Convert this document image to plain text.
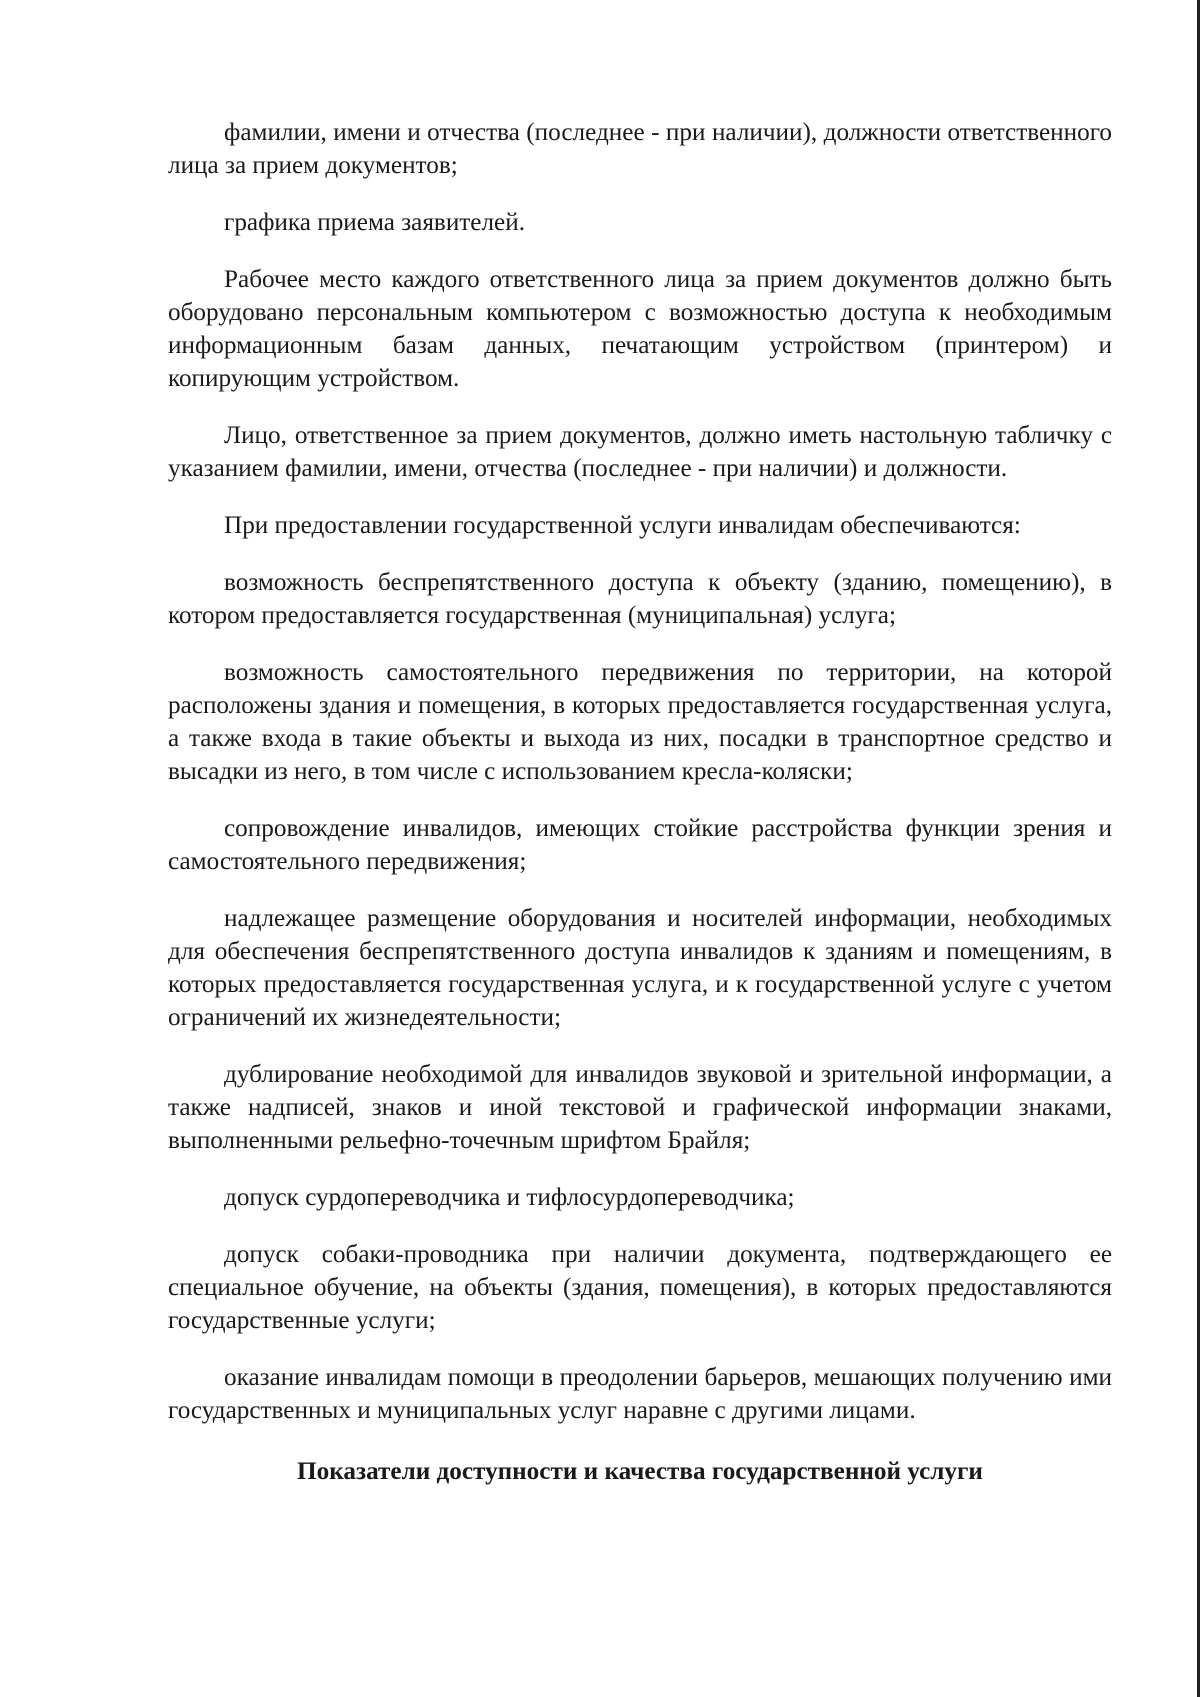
фамилии, имени и отчества (последнее - при наличии), должности ответственного лица за прием документов;

графика приема заявителей.

Рабочее место каждого ответственного лица за прием документов должно быть оборудовано персональным компьютером с возможностью доступа к необходимым информационным базам данных, печатающим устройством (принтером) и копирующим устройством.

Лицо, ответственное за прием документов, должно иметь настольную табличку с указанием фамилии, имени, отчества (последнее - при наличии) и должности.

При предоставлении государственной услуги инвалидам обеспечиваются:

возможность беспрепятственного доступа к объекту (зданию, помещению), в котором предоставляется государственная (муниципальная) услуга;

возможность самостоятельного передвижения по территории, на которой расположены здания и помещения, в которых предоставляется государственная услуга, а также входа в такие объекты и выхода из них, посадки в транспортное средство и высадки из него, в том числе с использованием кресла-коляски;

сопровождение инвалидов, имеющих стойкие расстройства функции зрения и самостоятельного передвижения;

надлежащее размещение оборудования и носителей информации, необходимых для обеспечения беспрепятственного доступа инвалидов к зданиям и помещениям, в которых предоставляется государственная услуга, и к государственной услуге с учетом ограничений их жизнедеятельности;

дублирование необходимой для инвалидов звуковой и зрительной информации, а также надписей, знаков и иной текстовой и графической информации знаками, выполненными рельефно-точечным шрифтом Брайля;

допуск сурдопереводчика и тифлосурдопереводчика;

допуск собаки-проводника при наличии документа, подтверждающего ее специальное обучение, на объекты (здания, помещения), в которых предоставляются государственные услуги;

оказание инвалидам помощи в преодолении барьеров, мешающих получению ими государственных и муниципальных услуг наравне с другими лицами.

Показатели доступности и качества государственной услуги
